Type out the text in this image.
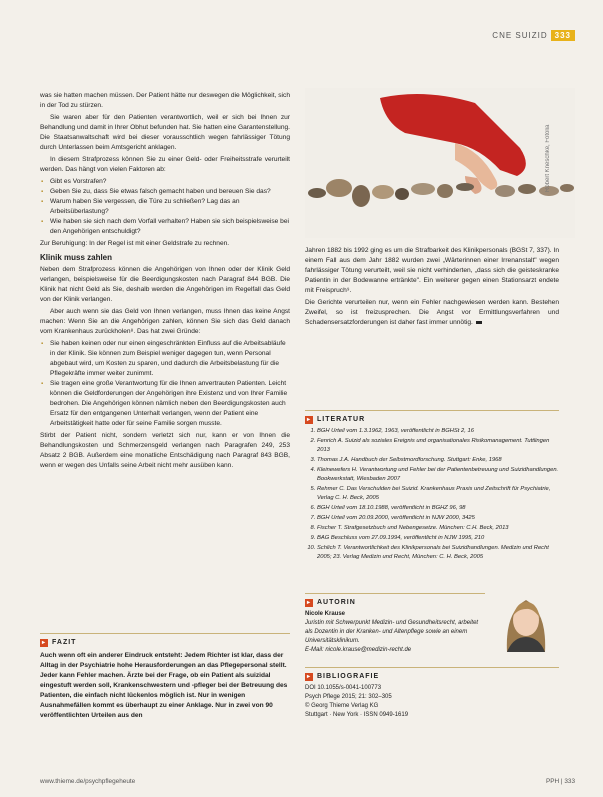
CNE SUIZID 333

was sie hatten machen müssen. Der Patient hätte nur deswegen die Möglichkeit, sich in der Tod zu stürzen.

Sie waren aber für den Patienten verantwortlich, weil er sich bei Ihnen zur Behandlung und damit in Ihrer Obhut befunden hat. Sie hatten eine Garantenstellung. Die Staatsanwaltschaft wird bei dieser vorausschtlich wegen fahrlässiger Tötung durch Unterlassen beim Amtsgericht anklagen.

In diesem Strafprozess können Sie zu einer Geld- oder Freiheitsstrafe verurteilt werden. Das hängt von vielen Faktoren ab:

▪ Gibt es Vorstrafen?
▪ Geben Sie zu, dass Sie etwas falsch gemacht haben und bereuen Sie das?
▪ Warum haben Sie vergessen, die Türe zu schließen? Lag das an Arbeitsüberlastung?
▪ Wie haben sie sich nach dem Vorfall verhalten? Haben sie sich beispielsweise bei den Angehörigen entschuldigt?

Zur Beruhigung: In der Regel ist mit einer Geldstrafe zu rechnen.

Klinik muss zahlen

Neben dem Strafprozess können die Angehörigen von Ihnen oder der Klinik Geld verlangen, beispielsweise für die Beerdigungskosten nach Paragraf 844 BGB. Die Klinik hat nicht Geld als Sie, deshalb werden die Angehörigen im Regelfall das Geld von der Klinik verlangen.

Aber auch wenn sie das Geld von Ihnen verlangen, muss Ihnen das keine Angst machen: Wenn Sie an die Angehörigen zahlen, können Sie sich das Geld danach vom Krankenhaus zurückholen⁸. Das hat zwei Gründe:

▪ Sie haben keinen oder nur einen eingeschränkten Einfluss auf die Arbeitsabläufe in der Klinik. Sie können zum Beispiel weniger dagegen tun, wenn Personal abgebaut wird, um Kosten zu sparen, und dadurch die Arbeitsbelastung für die Pflegekräfte immer weiter zunimmt.
▪ Sie tragen eine große Verantwortung für die Ihnen anvertrauten Patienten. Leicht können die Geldforderungen der Angehörigen ihre Existenz und von Ihrer Familie bedrohen. Die Angehörigen können nämlich neben den Beerdigungskosten auch Ersatz für den entgangenen Unterhalt verlangen, wenn der Patient eine Arbeitstätigkeit hatte oder für seine Familie sorgen musste.

Stirbt der Patient nicht, sondern verletzt sich nur, kann er von Ihnen die Behandlungskosten und Schmerzensgeld verlangen nach Paragrafen 249, 253 Absatz 2 BGB. Außerdem eine monatliche Entschädigung nach Paragraf 843 BGB, wenn er wegen des Unfalls seine Arbeit nicht mehr ausüben kann.

▸ FAZIT

Auch wenn oft ein anderer Eindruck entsteht: Jedem Richter ist klar, dass der Alltag in der Psychiatrie hohe Herausforderungen an das Pflegepersonal stellt. Jeder kann Fehler machen. Ärzte bei der Frage, ob ein Patient als suizidal eingestuft werden soll, Krankenschwestern und -pfleger bei der Betreuung des Patienten, die einfach nicht lückenlos möglich ist. Nur in wenigen Ausnahmefällen kommt es überhaupt zu einer Anklage. Nur in zwei von 90 veröffentlichten Urteilen aus den

Robert Kneschke, Fotolia

Jahren 1882 bis 1992 ging es um die Strafbarkeit des Klinikpersonals (BGSt 7, 337). In einem Fall aus dem Jahr 1882 wurden zwei „Wärterinnen einer Irrenanstalt" wegen fahrlässiger Tötung verurteilt, weil sie nicht verhinderten, „dass sich die geisteskranke Patientin in der Bodewanne ertränkte". Ein weiterer gegen einen Stationsarzt endete mit Freispruch⁹.

Die Gerichte verurteilen nur, wenn ein Fehler nachgewiesen werden kann. Bestehen Zweifel, so ist freizusprechen. Die Angst vor Ermittlungsverfahren und Schadensersatzforderungen ist daher fast immer unnötig.

▸ LITERATUR
1. BGH Urteil vom 1.3.1962, 1963, veröffentlicht in BGHSt 2, 16
2. Fenrich A. Suizid als soziales Ereignis und organisationales Risikomanagement. Tuttlingen 2013
3. Thomas J.A. Handbuch der Selbstmordforschung. Stuttgart: Enke, 1968
4. Kleinewefers H. Verantwortung und Fehler bei der Patientenbetreuung und Suizidhandlungen. Bookwerkstatt, Wiesbaden 2007
5. Rehmer C. Das Verschulden bei Suizid. Krankenhaus Praxis und Zeitschrift für Psychiatrie, Verlag C. H. Beck, 2005
6. BGH Urteil vom 18.10.1988, veröffentlicht in BGHZ 96, 98
7. BGH Urteil vom 20.09.2000, veröffentlicht in NJW 2000, 3425
8. Fischer T. Strafgesetzbuch und Nebengesetze. München: C.H. Beck, 2013
9. BAG Beschluss vom 27.09.1994, veröffentlicht in NJW 1995, 210
10. Schlich T. Verantwortlichkeit des Klinikpersonals bei Suizidhandlungen. Medizin und Recht 2005; 23. Verlag Medizin und Recht, München: C. H. Beck, 2005
▸ AUTORIN
Nicole Krause
Juristin mit Schwerpunkt Medizin- und Gesundheitsrecht, arbeitet als Dozentin in der Kranken- und Altenpflege sowie an einem Universitätsklinikum.
E-Mail: nicole.krause@medizin-recht.de
▸ BIBLIOGRAFIE
DOI 10.1055/s-0041-100773
Psych Pflege 2015; 21: 302–305
© Georg Thieme Verlag KG
Stuttgart · New York · ISSN 0949-1619
www.thieme.de/psychpflegeheute	PPH | 333
